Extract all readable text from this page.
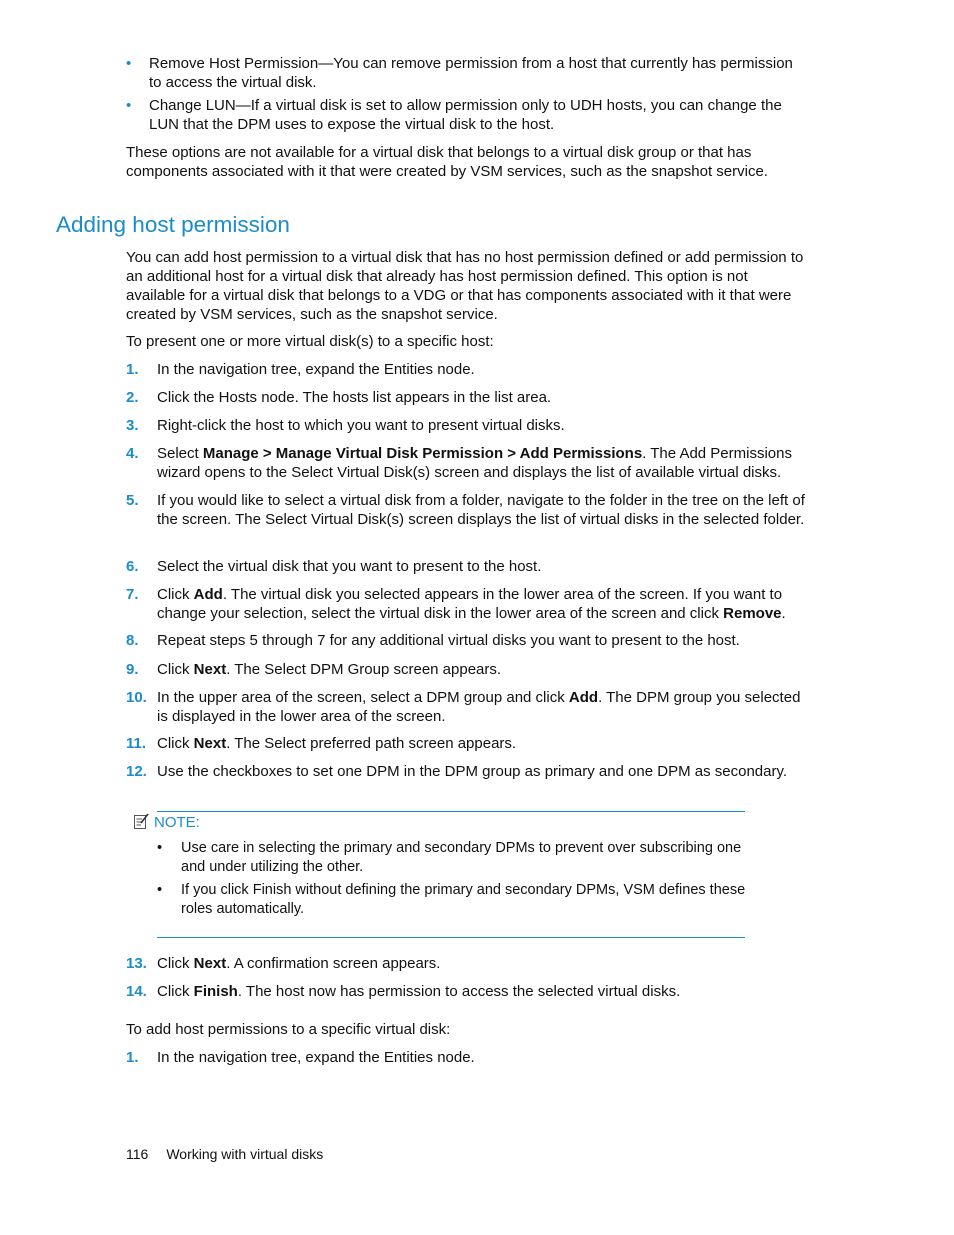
• Remove Host Permission—You can remove permission from a host that currently has permission to access the virtual disk.
• Change LUN—If a virtual disk is set to allow permission only to UDH hosts, you can change the LUN that the DPM uses to expose the virtual disk to the host.
These options are not available for a virtual disk that belongs to a virtual disk group or that has components associated with it that were created by VSM services, such as the snapshot service.
Adding host permission
You can add host permission to a virtual disk that has no host permission defined or add permission to an additional host for a virtual disk that already has host permission defined. This option is not available for a virtual disk that belongs to a VDG or that has components associated with it that were created by VSM services, such as the snapshot service.
To present one or more virtual disk(s) to a specific host:
1. In the navigation tree, expand the Entities node.
2. Click the Hosts node. The hosts list appears in the list area.
3. Right-click the host to which you want to present virtual disks.
4. Select Manage > Manage Virtual Disk Permission > Add Permissions. The Add Permissions wizard opens to the Select Virtual Disk(s) screen and displays the list of available virtual disks.
5. If you would like to select a virtual disk from a folder, navigate to the folder in the tree on the left of the screen. The Select Virtual Disk(s) screen displays the list of virtual disks in the selected folder.
6. Select the virtual disk that you want to present to the host.
7. Click Add. The virtual disk you selected appears in the lower area of the screen. If you want to change your selection, select the virtual disk in the lower area of the screen and click Remove.
8. Repeat steps 5 through 7 for any additional virtual disks you want to present to the host.
9. Click Next. The Select DPM Group screen appears.
10. In the upper area of the screen, select a DPM group and click Add. The DPM group you selected is displayed in the lower area of the screen.
11. Click Next. The Select preferred path screen appears.
12. Use the checkboxes to set one DPM in the DPM group as primary and one DPM as secondary.
NOTE:
• Use care in selecting the primary and secondary DPMs to prevent over subscribing one and under utilizing the other.
• If you click Finish without defining the primary and secondary DPMs, VSM defines these roles automatically.
13. Click Next. A confirmation screen appears.
14. Click Finish. The host now has permission to access the selected virtual disks.
To add host permissions to a specific virtual disk:
1. In the navigation tree, expand the Entities node.
116 Working with virtual disks
